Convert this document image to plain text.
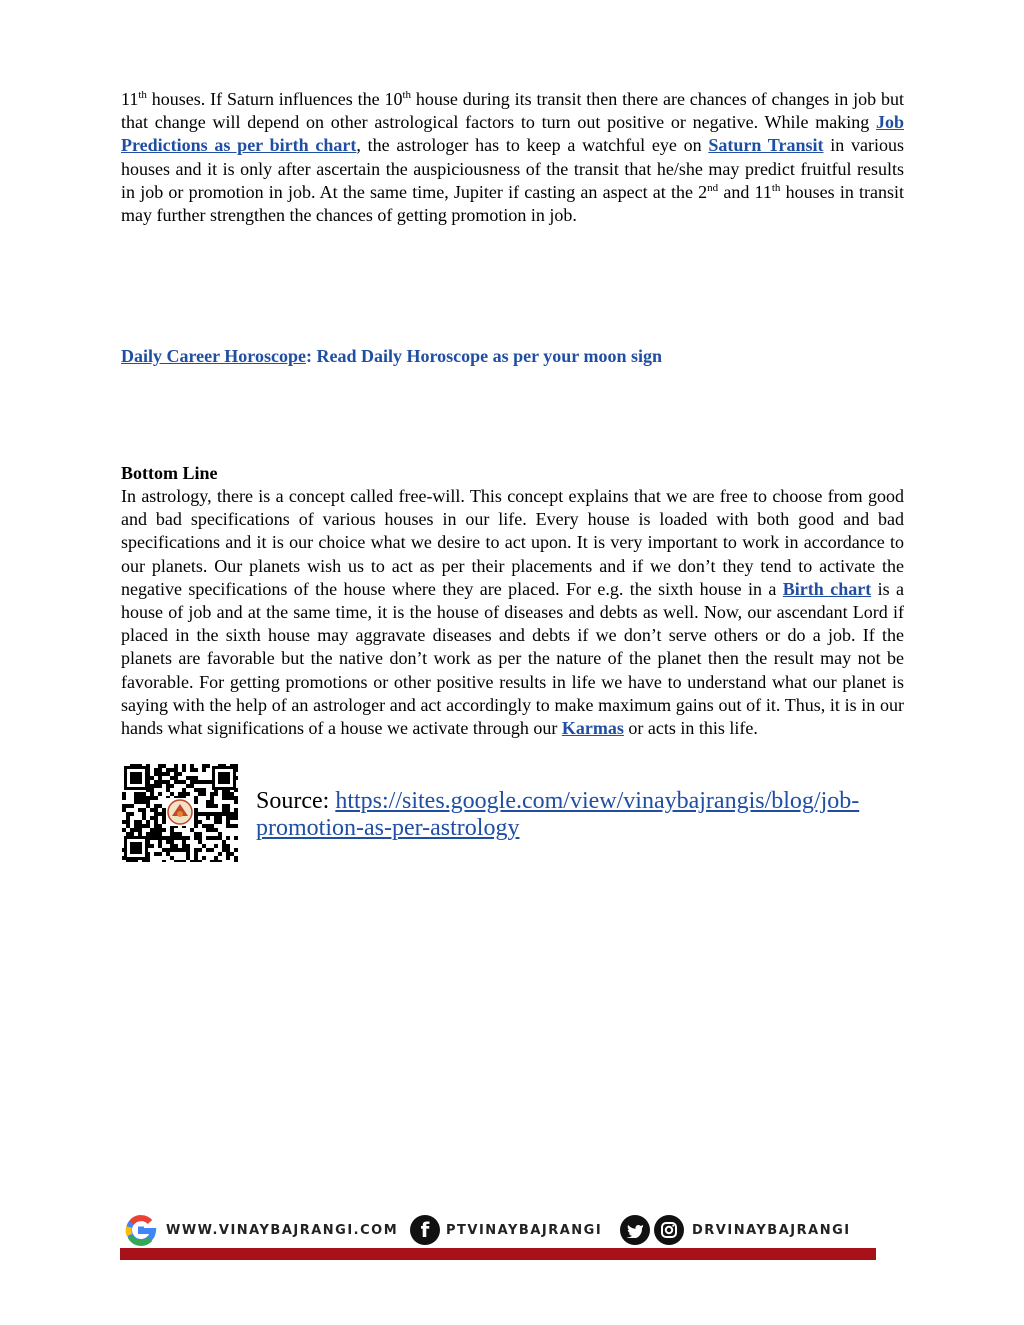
11th houses. If Saturn influences the 10th house during its transit then there are chances of changes in job but that change will depend on other astrological factors to turn out positive or negative. While making Job Predictions as per birth chart, the astrologer has to keep a watchful eye on Saturn Transit in various houses and it is only after ascertain the auspiciousness of the transit that he/she may predict fruitful results in job or promotion in job. At the same time, Jupiter if casting an aspect at the 2nd and 11th houses in transit may further strengthen the chances of getting promotion in job.

Daily Career Horoscope: Read Daily Horoscope as per your moon sign
Bottom Line

In astrology, there is a concept called free-will. This concept explains that we are free to choose from good and bad specifications of various houses in our life. Every house is loaded with both good and bad specifications and it is our choice what we desire to act upon. It is very important to work in accordance to our planets. Our planets wish us to act as per their placements and if we don’t they tend to activate the negative specifications of the house where they are placed. For e.g. the sixth house in a Birth chart is a house of job and at the same time, it is the house of diseases and debts as well. Now, our ascendant Lord if placed in the sixth house may aggravate diseases and debts if we don’t serve others or do a job. If the planets are favorable but the native don’t work as per the nature of the planet then the result may not be favorable. For getting promotions or other positive results in life we have to understand what our planet is saying with the help of an astrologer and act accordingly to make maximum gains out of it. Thus, it is in our hands what significations of a house we activate through our Karmas or acts in this life.

Source: https://sites.google.com/view/vinaybajrangis/blog/job-promotion-as-per-astrology
WWW.VINAYBAJRANGI.COM	f	PTVINAYBAJRANGI	DRVINAYBAJRANGI
